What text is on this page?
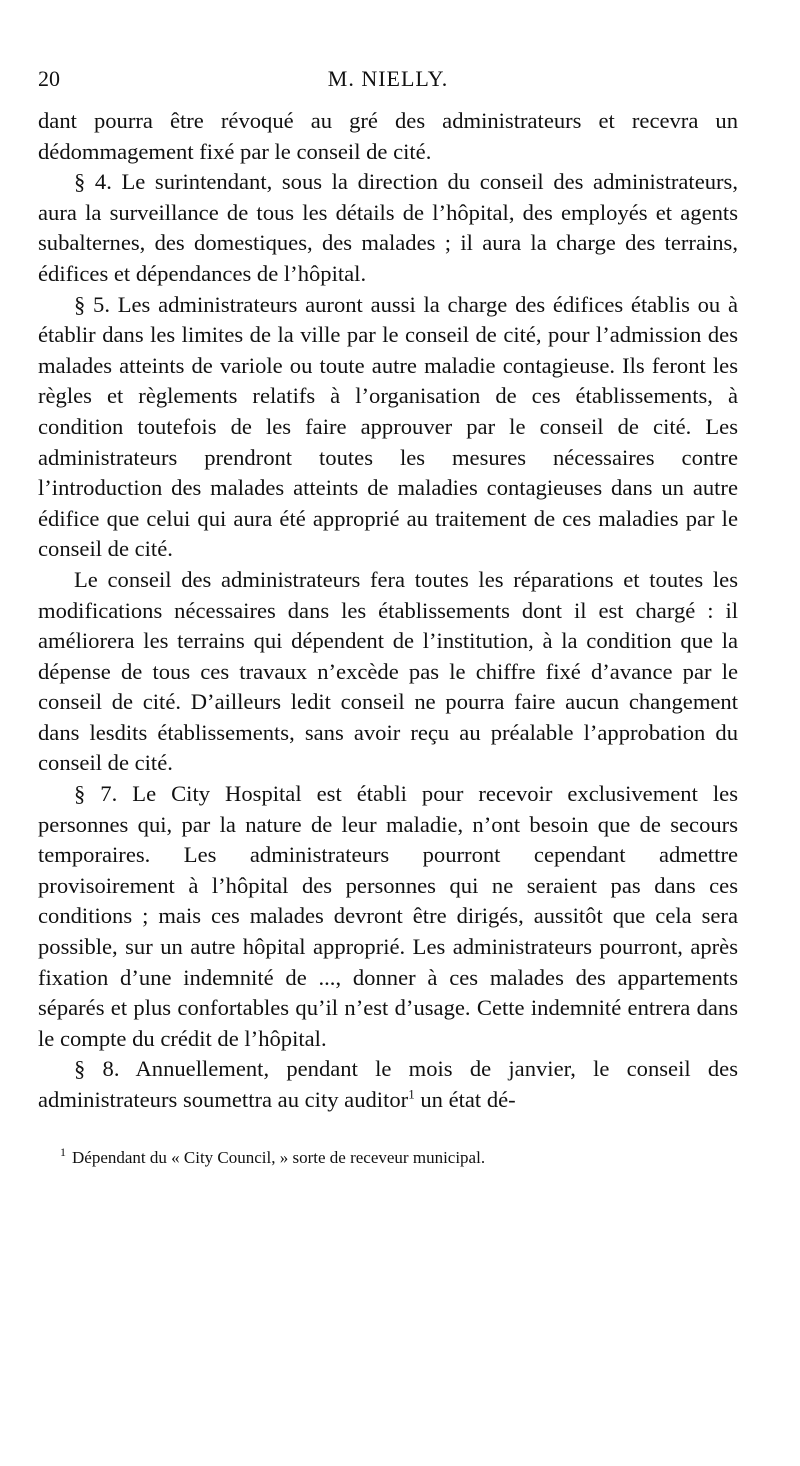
20	M. NIELLY.

dant pourra être révoqué au gré des administrateurs et recevra un dédommagement fixé par le conseil de cité.

§ 4. Le surintendant, sous la direction du conseil des administrateurs, aura la surveillance de tous les détails de l’hôpital, des employés et agents subalternes, des domestiques, des malades ; il aura la charge des terrains, édifices et dépendances de l’hôpital.

§ 5. Les administrateurs auront aussi la charge des édifices établis ou à établir dans les limites de la ville par le conseil de cité, pour l’admission des malades atteints de variole ou toute autre maladie contagieuse. Ils feront les règles et règlements relatifs à l’organisation de ces établissements, à condition toutefois de les faire approuver par le conseil de cité. Les administrateurs prendront toutes les mesures nécessaires contre l’introduction des malades atteints de maladies contagieuses dans un autre édifice que celui qui aura été approprié au traitement de ces maladies par le conseil de cité.

Le conseil des administrateurs fera toutes les réparations et toutes les modifications nécessaires dans les établissements dont il est chargé : il améliorera les terrains qui dépendent de l’institution, à la condition que la dépense de tous ces travaux n’excède pas le chiffre fixé d’avance par le conseil de cité. D’ailleurs ledit conseil ne pourra faire aucun changement dans lesdits établissements, sans avoir reçu au préalable l’approbation du conseil de cité.

§ 7. Le City Hospital est établi pour recevoir exclusivement les personnes qui, par la nature de leur maladie, n’ont besoin que de secours temporaires. Les administrateurs pourront cependant admettre provisoirement à l’hôpital des personnes qui ne seraient pas dans ces conditions ; mais ces malades devront être dirigés, aussitôt que cela sera possible, sur un autre hôpital approprié. Les administrateurs pourront, après fixation d’une indemnité de ..., donner à ces malades des appartements séparés et plus confortables qu’il n’est d’usage. Cette indemnité entrera dans le compte du crédit de l’hôpital.

§ 8. Annuellement, pendant le mois de janvier, le conseil des administrateurs soumettra au city auditor$^1$ un état dé-

$^1$ Dépendant du « City Council, » sorte de receveur municipal.
